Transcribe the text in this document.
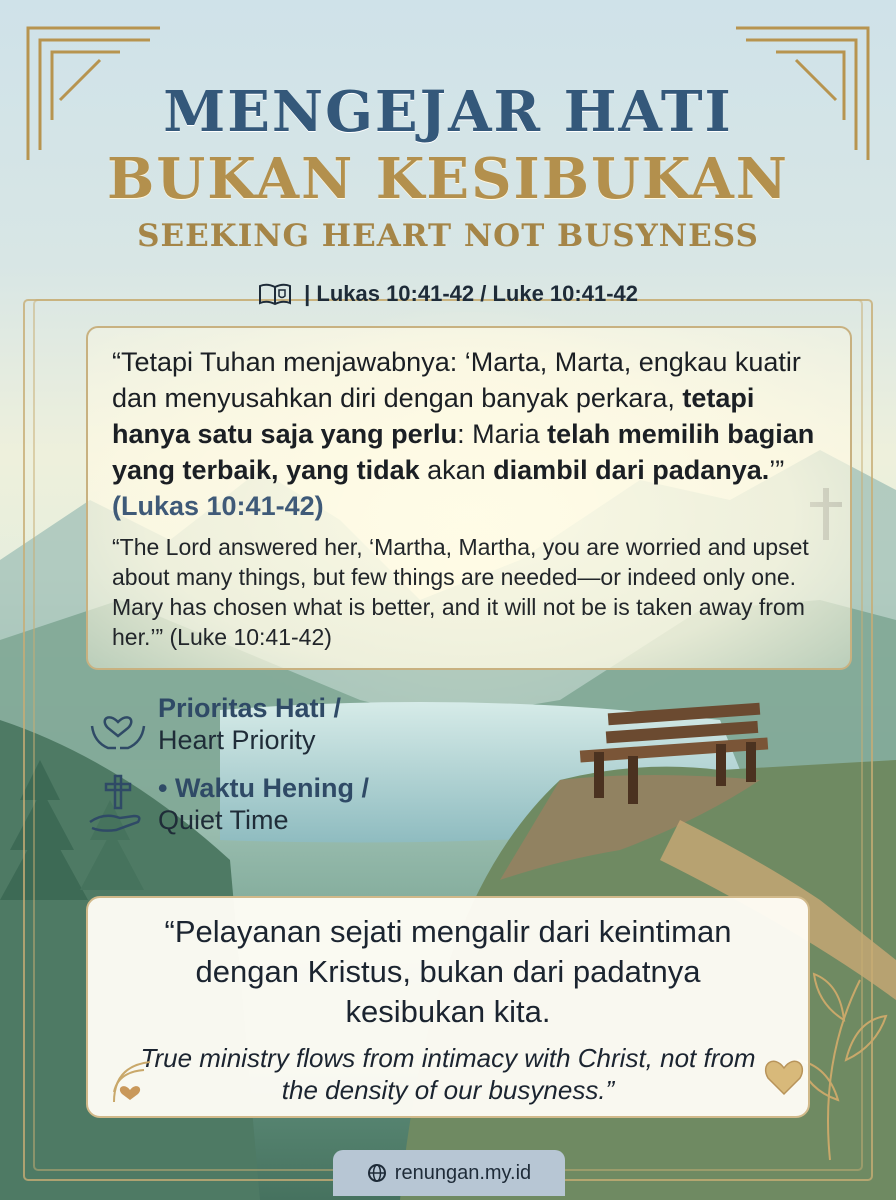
MENGEJAR HATI
BUKAN KESIBUKAN
SEEKING HEART NOT BUSYNESS
| Lukas 10:41-42 / Luke 10:41-42
“Tetapi Tuhan menjawabnya: ‘Marta, Marta, engkau kuatir dan menyusahkan diri dengan banyak perkara, tetapi hanya satu saja yang perlu: Maria telah memilih bagian yang terbaik, yang tidak akan diambil dari padanya.’” (Lukas 10:41-42)
“The Lord answered her, ‘Martha, Martha, you are worried and upset about many things, but few things are needed—or indeed only one. Mary has chosen what is better, and it will not be is taken away from her.’” (Luke 10:41-42)
Prioritas Hati /
Heart Priority
• Waktu Hening /
Quiet Time
“Pelayanan sejati mengalir dari keintiman dengan Kristus, bukan dari padatnya kesibukan kita.
True ministry flows from intimacy with Christ, not from the density of our busyness.”
renungan.my.id
